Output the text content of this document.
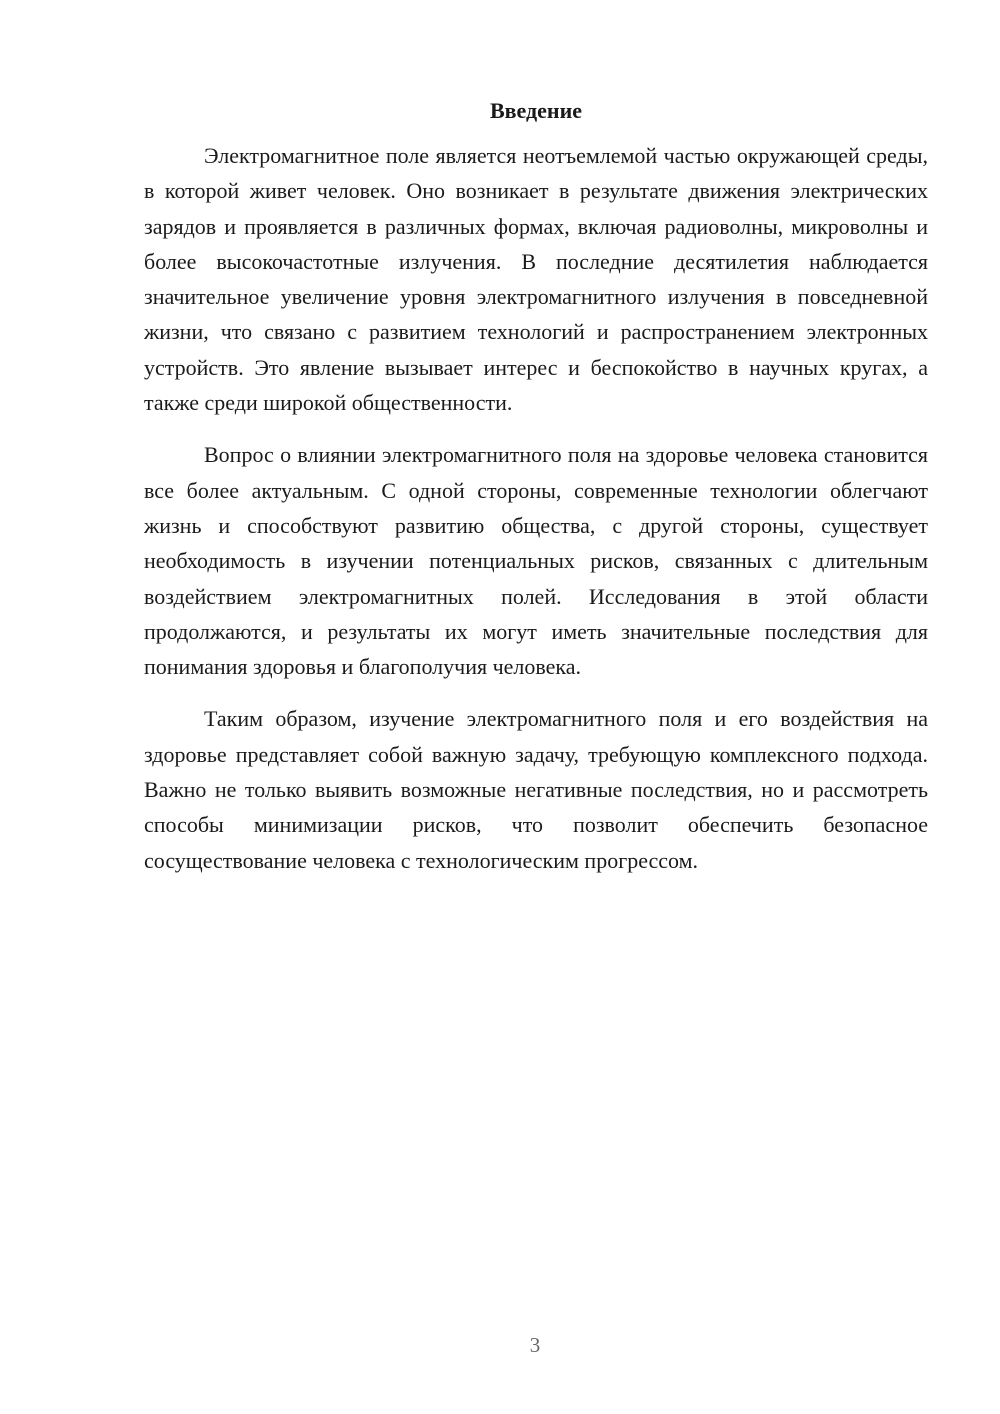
Введение

Электромагнитное поле является неотъемлемой частью окружающей среды, в которой живет человек. Оно возникает в результате движения электрических зарядов и проявляется в различных формах, включая радиоволны, микроволны и более высокочастотные излучения. В последние десятилетия наблюдается значительное увеличение уровня электромагнитного излучения в повседневной жизни, что связано с развитием технологий и распространением электронных устройств. Это явление вызывает интерес и беспокойство в научных кругах, а также среди широкой общественности.

Вопрос о влиянии электромагнитного поля на здоровье человека становится все более актуальным. С одной стороны, современные технологии облегчают жизнь и способствуют развитию общества, с другой стороны, существует необходимость в изучении потенциальных рисков, связанных с длительным воздействием электромагнитных полей. Исследования в этой области продолжаются, и результаты их могут иметь значительные последствия для понимания здоровья и благополучия человека.

Таким образом, изучение электромагнитного поля и его воздействия на здоровье представляет собой важную задачу, требующую комплексного подхода. Важно не только выявить возможные негативные последствия, но и рассмотреть способы минимизации рисков, что позволит обеспечить безопасное сосуществование человека с технологическим прогрессом.

3
